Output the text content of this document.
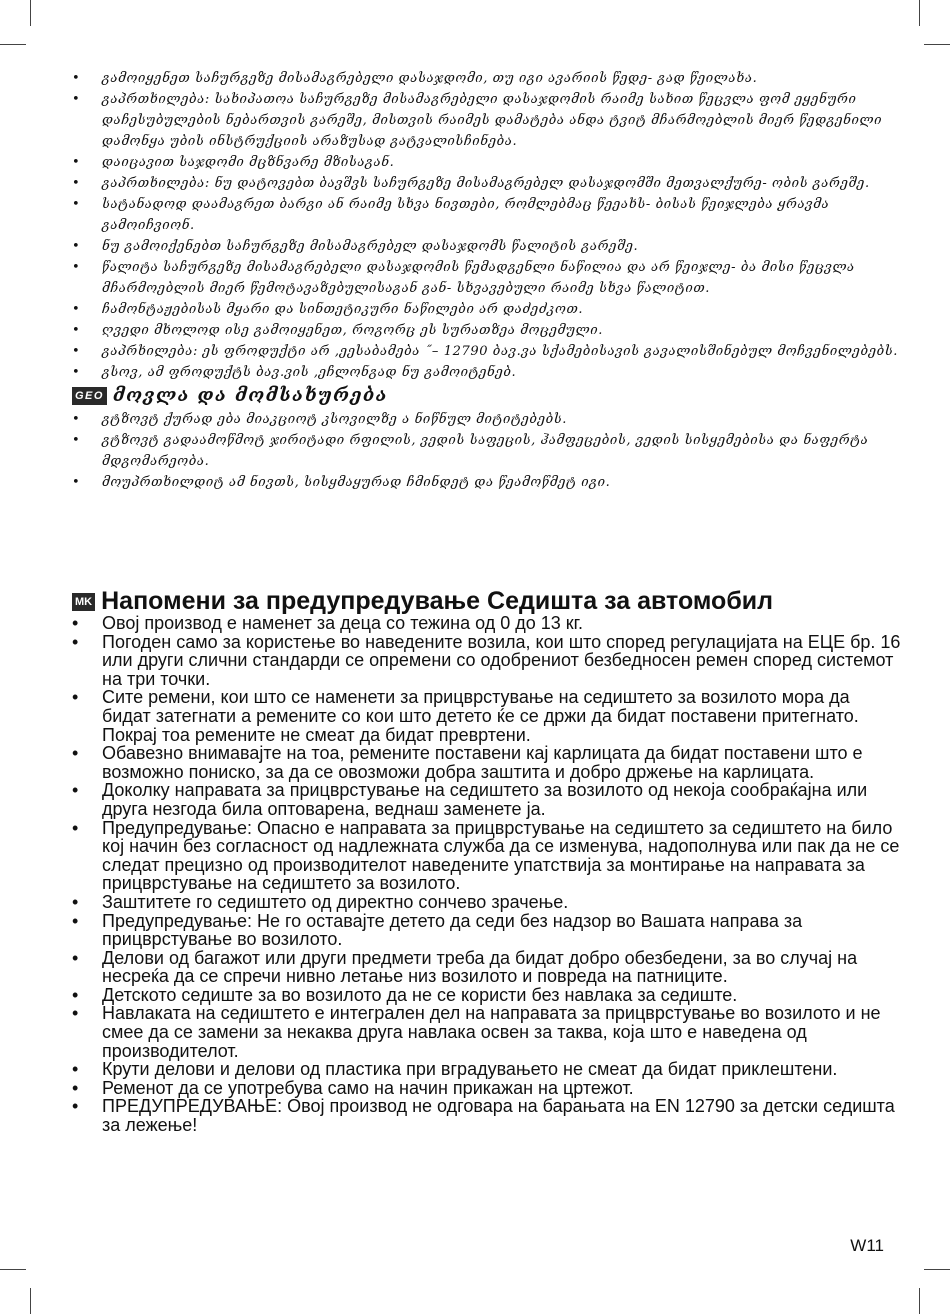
• გამოიყენეთ საჩურგეზე მისამაგრებელი დასაჯდომი, თუ იგი ავარიის წედე- გად წეილახა.
• გაპრთხილება: სახიპათოა საჩურგეზე მისამაგრებელი დასაჯდომის რაიმე სახით წეცვლა ფომ ეყენური დაჩესუბულების ნებართვის გარეშე, მისთვის რაიმეს დამატება ანდა ტვიტ მჩარმოებლის მიერ წედგენილი დამონყა უბის ინსტრუქციის არაზუსად გატვალისჩინება.
• დაიცავით საჯდომი მცზნვარე მზისაგან.
• გაპრთხილება: ნუ დატოვებთ ბავშვს საჩურგეზე მისამაგრებელ დასაჯდომში მეთვალქურე- ობის გარეშე.
• სატანადოდ დაამაგრეთ ბარგი ან რაიმე სხვა ნივთები, რომლებმაც წეეახს- ბისას წეიჯლება ყრავმა გამოიჩვიონ.
• ნუ გამოიქენებთ საჩურგეზე მისამაგრებელ დასაჯდომს წალიტის გარეშე.
• წალიტა საჩურგეზე მისამაგრებელი დასაჯდომის წემადგენლი ნაწილია და არ წეიჯლე- ბა მისი წეცვლა მჩარმოებლის მიერ წემოტავაზებულისაგან გან- სხვავებული რაიმე სხვა წალიტით.
• ჩამონტაჟებისას მყარი და სინთეტიკური ნაწილები არ დაძეძკოთ.
• ღვედი მხოლოდ ისე გამოიყენეთ, როგორც ეს სურათზეა მოცემული.
• გაპრხილება: ეს ფროდუქტი არ ,ეესაბამება ˝– 12790 ბავ.ვა სქამებისავის გავალისშინებულ მოჩვენილებებს.
• გსოვ, ამ ფროდუქტს ბავ.ვის ,ეჩლონგად ნუ გამოიტენებ.
GEO მოვლა და მომსახურება
• გტზოვტ ქურად ება მიაკციოტ კსოვილზე ა ნიწნულ მიტიტებებს.
• გტზოვტ გადაამოწმოტ ჯირიტადი რფილის, ვედის საფეცის, ჰამფეცების, ვედის სისყემებისა და ნაფერტა მდგომარეობა.
• მოუპრთხილდიტ ამ ნივთს, სისყმაყურად ჩმინდეტ და წეამოწმეტ იგი.
MK Напомени за предупредување Седишта за автомобил
• Овој производ е наменет за деца со тежина од 0 до 13 кг.
• Погоден само за користење во наведените возила, кои што според регулацијата на ЕЦЕ бр. 16 или други слични стандарди се опремени со одобрениот безбедносен ремен според системот на три точки.
• Сите ремени, кои што се наменети за прицврстување на седиштето за возилото мора да бидат затегнати а ремените со кои што детето ќе се држи да бидат поставени притегнато. Покрај тоа ремените не смеат да бидат превртени.
• Обавезно внимавајте на тоа, ремените поставени кај карлицата да бидат поставени што е возможно пониско, за да се овозможи добра заштита и добро држење на карлицата.
• Доколку направата за прицврстување на седиштето за возилото од некоја сообраќајна или друга незгода била оптоварена, веднаш заменете ја.
• Предупредување: Опасно е направата за прицврстување на седиштето за седиштето на било кој начин без согласност од надлежната служба да се изменува, надополнува или пак да не се следат прецизно од производителот наведените упатствија за монтирање на направата за прицврстување на седиштето за возилото.
• Заштитете го седиштето од директно сончево зрачење.
• Предупредување: Не го оставајте детето да седи без надзор во Вашата направа за прицврстување во возилото.
• Делови од багажот или други предмети треба да бидат добро обезбедени, за во случај на несреќа да се спречи нивно летање низ возилото и повреда на патниците.
• Детското седиште за во возилото да не се користи без навлака за седиште.
• Навлаката на седиштето е интегрален дел на направата за прицврстување во возилото и не смее да се замени за некаква друга навлака освен за таква, која што е наведена од производителот.
• Крути делови и делови од пластика при вградувањето не смеат да бидат приклештени.
• Ременот да се употребува само на начин прикажан на цртежот.
• ПРЕДУПРЕДУВАЊЕ: Овој производ не одговара на барањата на EN 12790 за детски седишта за лежење!
W11
